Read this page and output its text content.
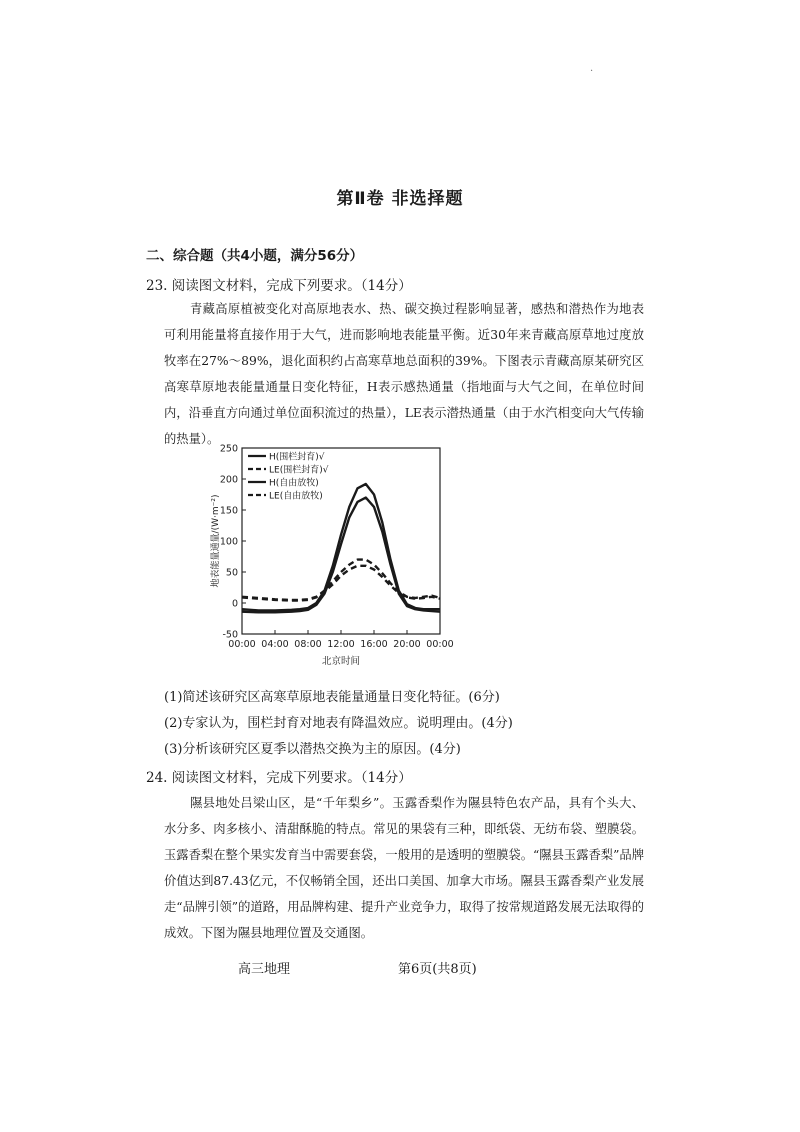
·
第Ⅱ卷 非选择题
二、综合题（共4小题，满分56分）
23. 阅读图文材料，完成下列要求。（14分）

青藏高原植被变化对高原地表水、热、碳交换过程影响显著，感热和潜热作为地表可利用能量将直接作用于大气，进而影响地表能量平衡。近30年来青藏高原草地过度放牧率在27%～89%，退化面积约占高寒草地总面积的39%。下图表示青藏高原某研究区高寒草原地表能量通量日变化特征，H表示感热通量（指地面与大气之间，在单位时间内，沿垂直方向通过单位面积流过的热量），LE表示潜热通量（由于水汽相变向大气传输的热量）。

-50
0
50
100
150
200
250
00:00 04:00 08:00 12:00 16:00 20:00 00:00
北京时间
地表能量通量/(W·m⁻²)
H(围栏封育)√
LE(围栏封育)√
H(自由放牧)
LE(自由放牧)
(1)简述该研究区高寒草原地表能量通量日变化特征。(6分)
(2)专家认为，围栏封育对地表有降温效应。说明理由。(4分)
(3)分析该研究区夏季以潜热交换为主的原因。(4分)
24. 阅读图文材料，完成下列要求。（14分）

隰县地处吕梁山区，是“千年梨乡”。玉露香梨作为隰县特色农产品，具有个头大、水分多、肉多核小、清甜酥脆的特点。常见的果袋有三种，即纸袋、无纺布袋、塑膜袋。玉露香梨在整个果实发育当中需要套袋，一般用的是透明的塑膜袋。“隰县玉露香梨”品牌价值达到87.43亿元，不仅畅销全国，还出口美国、加拿大市场。隰县玉露香梨产业发展走“品牌引领”的道路，用品牌构建、提升产业竞争力，取得了按常规道路发展无法取得的成效。下图为隰县地理位置及交通图。

高三地理	第6页(共8页)
